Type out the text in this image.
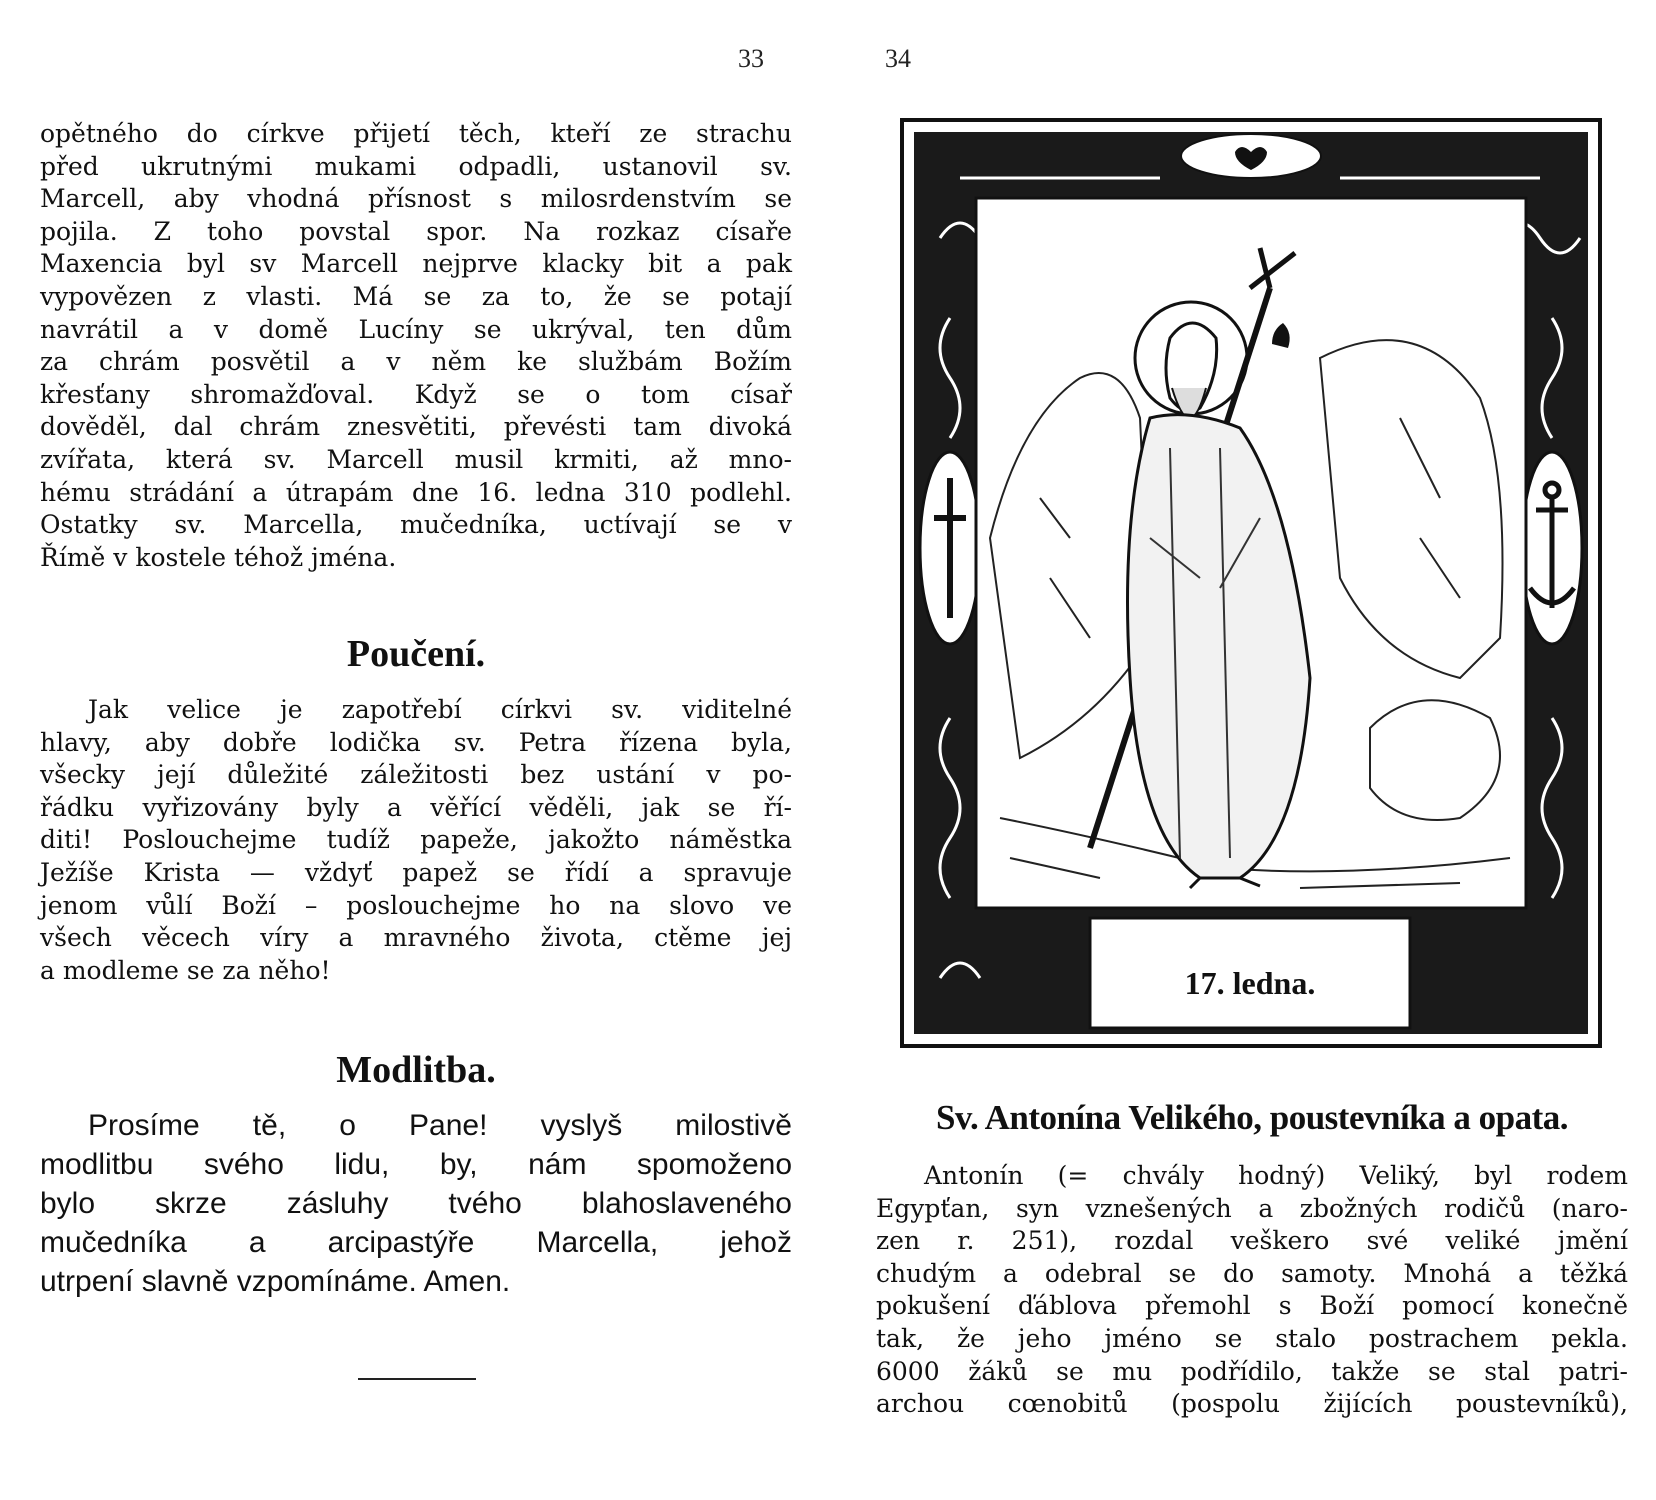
33	34
opětného do církve přijetí těch, kteří ze strachu
před ukrutnými mukami odpadli, ustanovil sv.
Marcell, aby vhodná přísnost s milosrdenstvím se
pojila. Z toho povstal spor. Na rozkaz císaře
Maxencia byl sv Marcell nejprve klacky bit a pak
vypovězen z vlasti. Má se za to, že se potají
navrátil a v domě Lucíny se ukrýval, ten dům
za chrám posvětil a v něm ke službám Božím
křesťany shromažďoval. Když se o tom císař
dověděl, dal chrám znesvětiti, převésti tam divoká
zvířata, která sv. Marcell musil krmiti, až mno-
hému strádání a útrapám dne 16. ledna 310 podlehl.
Ostatky sv. Marcella, mučedníka, uctívají se v
Římě v kostele téhož jména.
Poučení.
Jak velice je zapotřebí církvi sv. viditelné
hlavy, aby dobře lodička sv. Petra řízena byla,
všecky její důležité záležitosti bez ustání v po-
řádku vyřizovány byly a věřící věděli, jak se ří-
diti! Poslouchejme tudíž papeže, jakožto náměstka
Ježíše Krista — vždyť papež se řídí a spravuje
jenom vůlí Boží – poslouchejme ho na slovo ve
všech věcech víry a mravného života, ctěme jej
a modleme se za něho!
Modlitba.
Prosíme tě, o Pane! vyslyš milostivě
modlitbu svého lidu, by, nám spomoženo
bylo skrze zásluhy tvého blahoslaveného
mučedníka a arcipastýře Marcella, jehož
utrpení slavně vzpomínáme. Amen.
17. ledna.
Sv. Antonína Velikého, poustevníka a opata.
Antonín (= chvály hodný) Veliký, byl rodem
Egypťan, syn vznešených a zbožných rodičů (naro-
zen r. 251), rozdal veškero své veliké jmění
chudým a odebral se do samoty. Mnohá a těžká
pokušení ďáblova přemohl s Boží pomocí konečně
tak, že jeho jméno se stalo postrachem pekla.
6000 žáků se mu podřídilo, takže se stal patri-
archou cœnobitů (pospolu žijících poustevníků),
